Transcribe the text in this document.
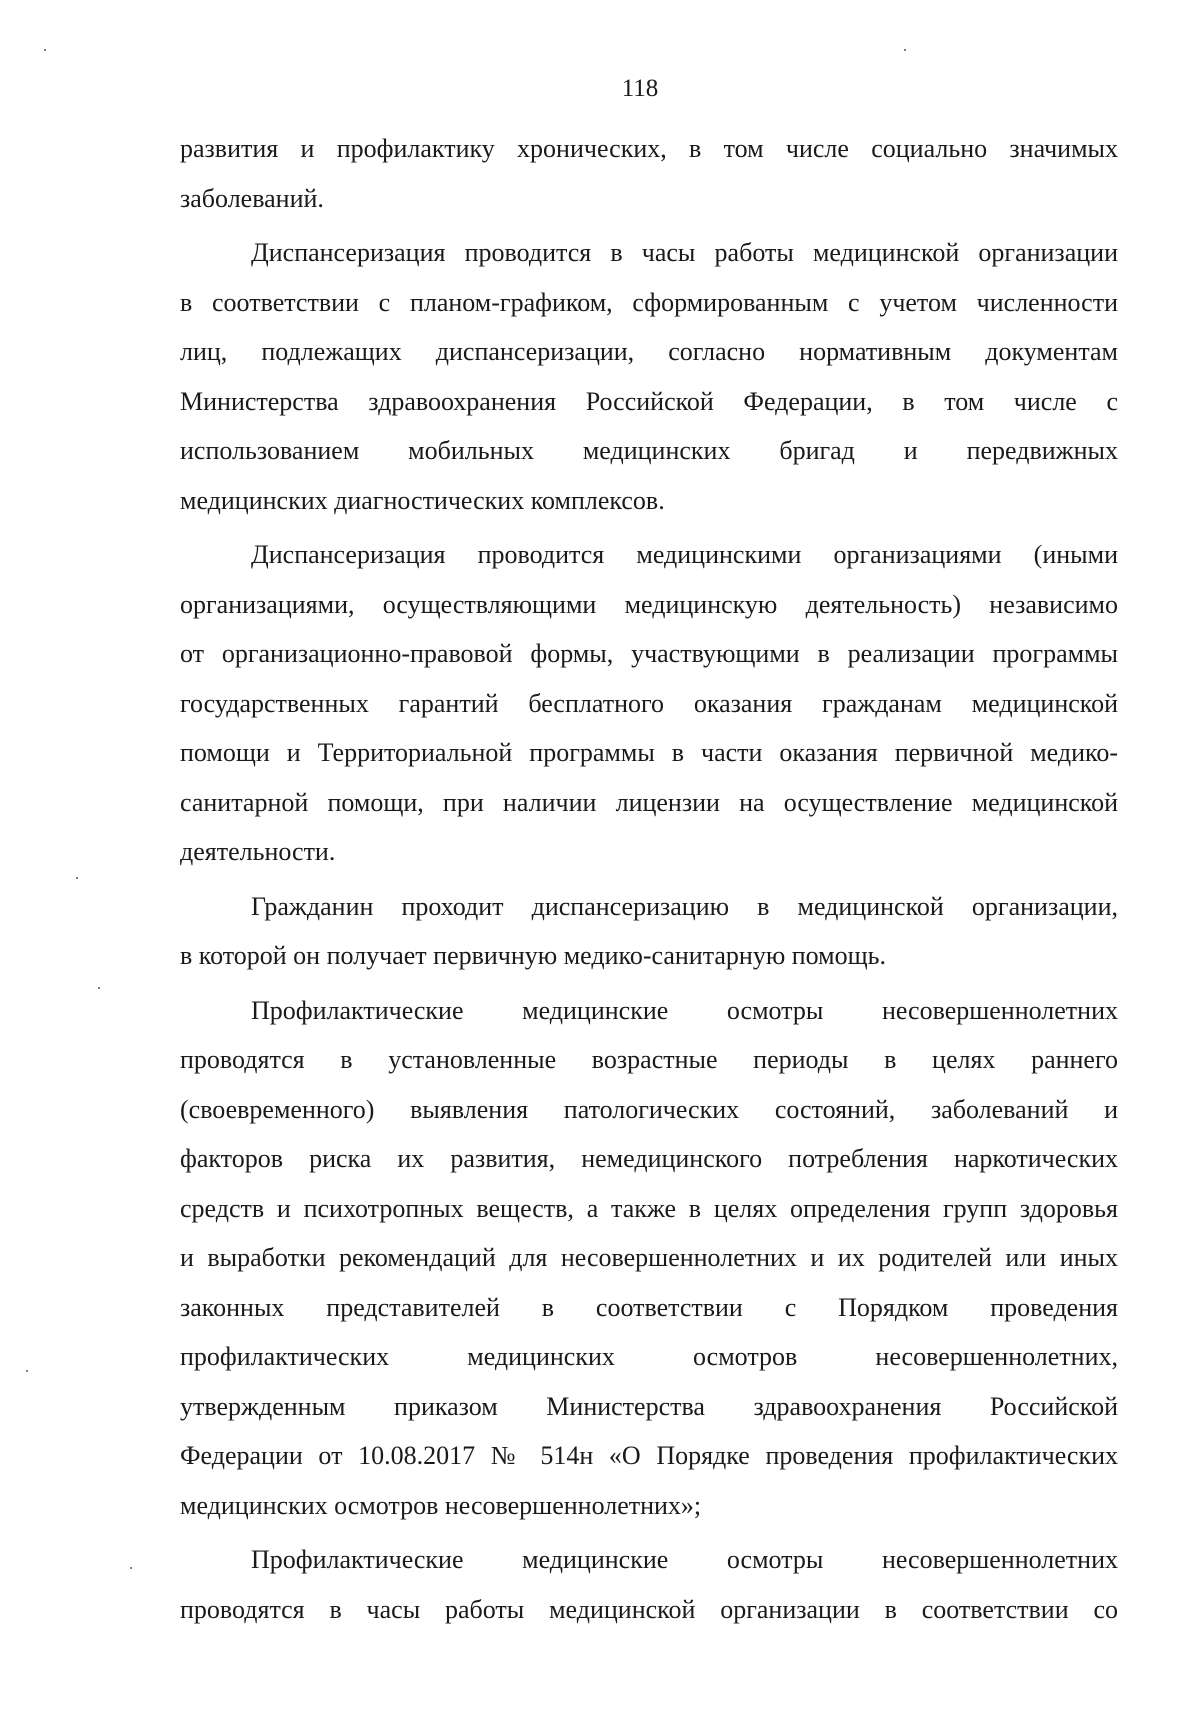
118
развития и профилактику хронических, в том числе социально значимых
заболеваний.
Диспансеризация проводится в часы работы медицинской организации
в соответствии с планом-графиком, сформированным с учетом численности
лиц, подлежащих диспансеризации, согласно нормативным документам
Министерства здравоохранения Российской Федерации, в том числе с
использованием мобильных медицинских бригад и передвижных
медицинских диагностических комплексов.
Диспансеризация проводится медицинскими организациями (иными
организациями, осуществляющими медицинскую деятельность) независимо
от организационно-правовой формы, участвующими в реализации программы
государственных гарантий бесплатного оказания гражданам медицинской
помощи и Территориальной программы в части оказания первичной медико-
санитарной помощи, при наличии лицензии на осуществление медицинской
деятельности.
Гражданин проходит диспансеризацию в медицинской организации,
в которой он получает первичную медико-санитарную помощь.
Профилактические медицинские осмотры несовершеннолетних
проводятся в установленные возрастные периоды в целях раннего
(своевременного) выявления патологических состояний, заболеваний и
факторов риска их развития, немедицинского потребления наркотических
средств и психотропных веществ, а также в целях определения групп здоровья
и выработки рекомендаций для несовершеннолетних и их родителей или иных
законных представителей в соответствии с Порядком проведения
профилактических медицинских осмотров несовершеннолетних,
утвержденным приказом Министерства здравоохранения Российской
Федерации от 10.08.2017 № 514н «О Порядке проведения профилактических
медицинских осмотров несовершеннолетних»;
Профилактические медицинские осмотры несовершеннолетних
проводятся в часы работы медицинской организации в соответствии со
